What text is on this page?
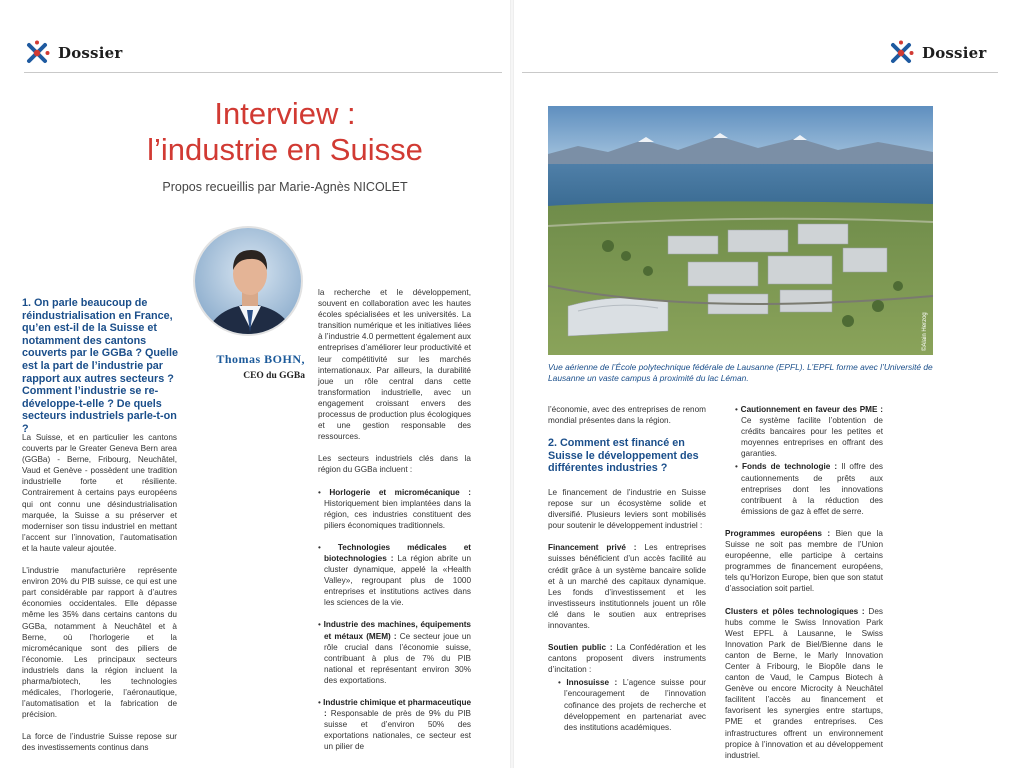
Dossier	Dossier
Interview :
l’industrie en Suisse
Propos recueillis par Marie-Agnès NICOLET
Thomas BOHN,
CEO du GGBa
1. On parle beaucoup de réindustrialisation en France, qu’en est-il de la Suisse et notamment des cantons couverts par le GGBa ? Quelle est la part de l’industrie par rapport aux autres secteurs ? Comment l’industrie se re-développe-t-elle ? De quels secteurs industriels parle-t-on ?

La Suisse, et en particulier les cantons couverts par le Greater Geneva Bern area (GGBa) - Berne, Fribourg, Neuchâtel, Vaud et Genève - possèdent une tradition industrielle forte et résiliente. Contrairement à certains pays européens qui ont connu une désindustrialisation marquée, la Suisse a su préserver et moderniser son tissu industriel en mettant l’accent sur l’innovation, l’automatisation et la haute valeur ajoutée.

L’industrie manufacturière représente environ 20% du PIB suisse, ce qui est une part considérable par rapport à d’autres économies occidentales. Elle dépasse même les 35% dans certains cantons du GGBa, notamment à Neuchâtel et à Berne, où l’horlogerie et la micromécanique sont des piliers de l’économie. Les principaux secteurs industriels dans la région incluent la pharma/biotech, les technologies médicales, l’horlogerie, l’aéronautique, l’automatisation et la fabrication de précision.

La force de l’industrie Suisse repose sur des investissements continus dans

la recherche et le développement, souvent en collaboration avec les hautes écoles spécialisées et les universités. La transition numérique et les initiatives liées à l’industrie 4.0 permettent également aux entreprises d’améliorer leur productivité et leur compétitivité sur les marchés internationaux. Par ailleurs, la durabilité joue un rôle central dans cette transformation industrielle, avec un engagement croissant envers des processus de production plus écologiques et une gestion responsable des ressources.

Les secteurs industriels clés dans la région du GGBa incluent :

• Horlogerie et micromécanique : Historiquement bien implantées dans la région, ces industries constituent des piliers économiques traditionnels.

• Technologies médicales et biotechnologies : La région abrite un cluster dynamique, appelé la «Health Valley», regroupant plus de 1000 entreprises et institutions actives dans les sciences de la vie.

• Industrie des machines, équipements et métaux (MEM) : Ce secteur joue un rôle crucial dans l’économie suisse, contribuant à plus de 7% du PIB national et représentant environ 30% des exportations.

• Industrie chimique et pharmaceutique : Responsable de près de 9% du PIB suisse et d’environ 50% des exportations nationales, ce secteur est un pilier de

©Alain Herzog
Vue aérienne de l’École polytechnique fédérale de Lausanne (EPFL). L’EPFL forme avec l’Université de Lausanne un vaste campus à proximité du lac Léman.

l’économie, avec des entreprises de renom mondial présentes dans la région.

2. Comment est financé en Suisse le développement des différentes industries ?

Le financement de l’industrie en Suisse repose sur un écosystème solide et diversifié. Plusieurs leviers sont mobilisés pour soutenir le développement industriel :

Financement privé : Les entreprises suisses bénéficient d’un accès facilité au crédit grâce à un système bancaire solide et à un marché des capitaux dynamique. Les fonds d’investissement et les investisseurs institutionnels jouent un rôle clé dans le soutien aux entreprises innovantes.

Soutien public : La Confédération et les cantons proposent divers instruments d’incitation :

• Innosuisse : L’agence suisse pour l’encouragement de l’innovation cofinance des projets de recherche et développement en partenariat avec des institutions académiques.

• Cautionnement en faveur des PME : Ce système facilite l’obtention de crédits bancaires pour les petites et moyennes entreprises en offrant des garanties.

• Fonds de technologie : Il offre des cautionnements de prêts aux entreprises dont les innovations contribuent à la réduction des émissions de gaz à effet de serre.

Programmes européens : Bien que la Suisse ne soit pas membre de l’Union européenne, elle participe à certains programmes de financement européens, tels qu’Horizon Europe, bien que son statut d’association soit partiel.

Clusters et pôles technologiques : Des hubs comme le Swiss Innovation Park West EPFL à Lausanne, le Swiss Innovation Park de Biel/Bienne dans le canton de Berne, le Marly Innovation Center à Fribourg, le Biopôle dans le canton de Vaud, le Campus Biotech à Genève ou encore Microcity à Neuchâtel facilitent l’accès au financement et favorisent les synergies entre startups, PME et grandes entreprises. Ces infrastructures offrent un environnement propice à l’innovation et au développement industriel.
